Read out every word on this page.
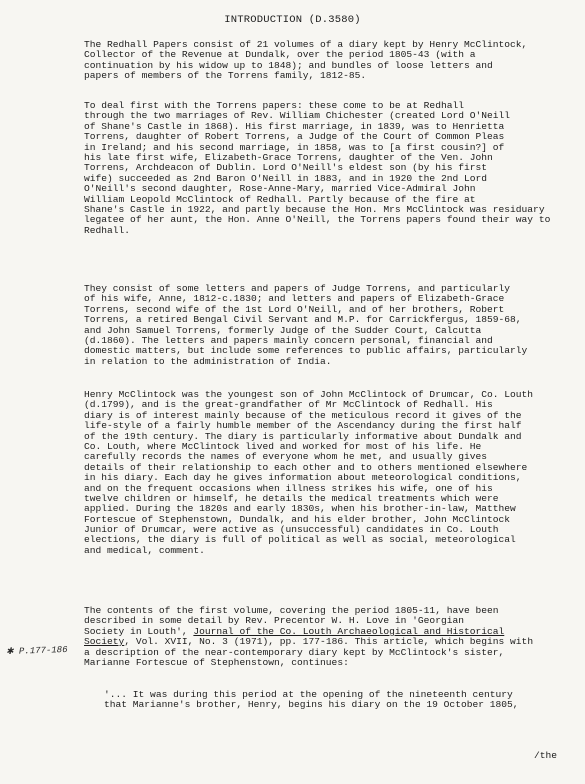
INTRODUCTION (D.3580)
The Redhall Papers consist of 21 volumes of a diary kept by Henry McClintock,
Collector of the Revenue at Dundalk, over the period 1805-43 (with a
continuation by his widow up to 1848); and bundles of loose letters and
papers of members of the Torrens family, 1812-85.
To deal first with the Torrens papers: these come to be at Redhall
through the two marriages of Rev. William Chichester (created Lord O'Neill
of Shane's Castle in 1868). His first marriage, in 1839, was to Henrietta
Torrens, daughter of Robert Torrens, a Judge of the Court of Common Pleas
in Ireland; and his second marriage, in 1858, was to [a first cousin?] of
his late first wife, Elizabeth-Grace Torrens, daughter of the Ven. John
Torrens, Archdeacon of Dublin. Lord O'Neill's eldest son (by his first
wife) succeeded as 2nd Baron O'Neill in 1883, and in 1920 the 2nd Lord
O'Neill's second daughter, Rose-Anne-Mary, married Vice-Admiral John
William Leopold McClintock of Redhall. Partly because of the fire at
Shane's Castle in 1922, and partly because the Hon. Mrs McClintock was residuary
legatee of her aunt, the Hon. Anne O'Neill, the Torrens papers found their way to
Redhall.
They consist of some letters and papers of Judge Torrens, and particularly
of his wife, Anne, 1812-c.1830; and letters and papers of Elizabeth-Grace
Torrens, second wife of the 1st Lord O'Neill, and of her brothers, Robert
Torrens, a retired Bengal Civil Servant and M.P. for Carrickfergus, 1859-68,
and John Samuel Torrens, formerly Judge of the Sudder Court, Calcutta
(d.1860). The letters and papers mainly concern personal, financial and
domestic matters, but include some references to public affairs, particularly
in relation to the administration of India.
Henry McClintock was the youngest son of John McClintock of Drumcar, Co. Louth
(d.1799), and is the great-grandfather of Mr McClintock of Redhall. His
diary is of interest mainly because of the meticulous record it gives of the
life-style of a fairly humble member of the Ascendancy during the first half
of the 19th century. The diary is particularly informative about Dundalk and
Co. Louth, where McClintock lived and worked for most of his life. He
carefully records the names of everyone whom he met, and usually gives
details of their relationship to each other and to others mentioned elsewhere
in his diary. Each day he gives information about meteorological conditions,
and on the frequent occasions when illness strikes his wife, one of his
twelve children or himself, he details the medical treatments which were
applied. During the 1820s and early 1830s, when his brother-in-law, Matthew
Fortescue of Stephenstown, Dundalk, and his elder brother, John McClintock
Junior of Drumcar, were active as (unsuccessful) candidates in Co. Louth
elections, the diary is full of political as well as social, meteorological
and medical, comment.
The contents of the first volume, covering the period 1805-11, have been
described in some detail by Rev. Precentor W. H. Love in 'Georgian
Society in Louth', Journal of the Co. Louth Archaeological and Historical
Society, Vol. XVII, No. 3 (1971), pp. 177-186. This article, which begins with
a description of the near-contemporary diary kept by McClintock's sister,
Marianne Fortescue of Stephenstown, continues:
✱ P.177-186
'... It was during this period at the opening of the nineteenth century
that Marianne's brother, Henry, begins his diary on the 19 October 1805,
/the
